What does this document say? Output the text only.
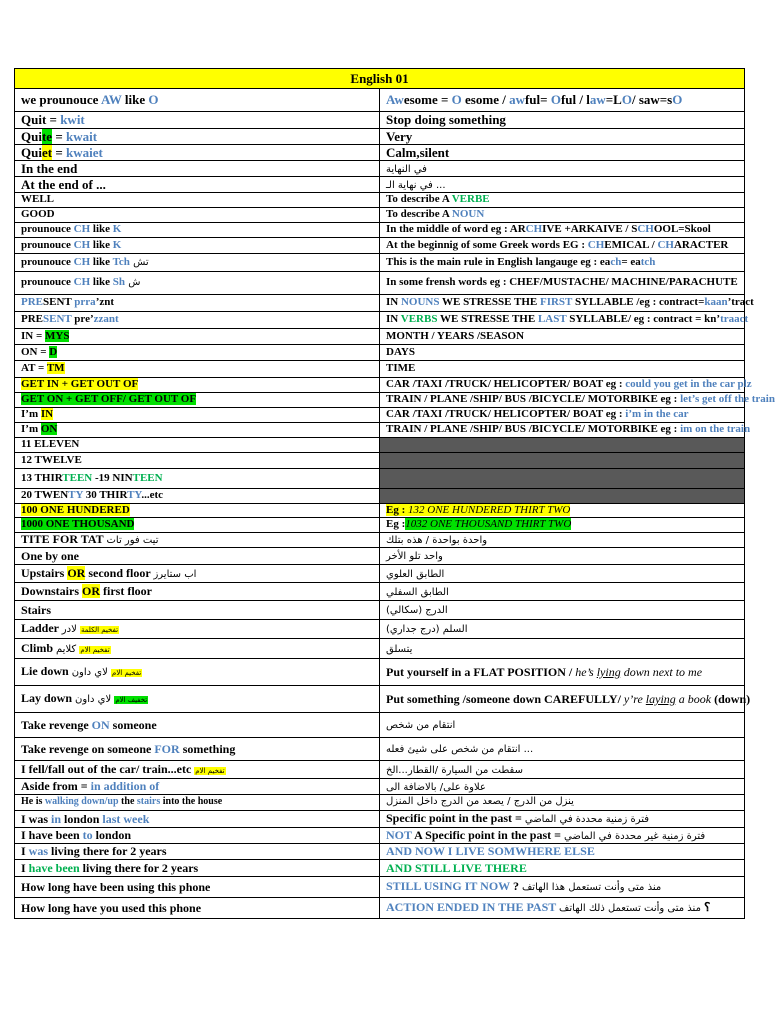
English 01	
we prounouce AW like O	Awesome = O esome / awful= Oful / law=LO/ saw=sO
Quit = kwit	Stop doing something
Quite = kwait	Very
Quiet = kwaiet	Calm,silent
In the end	في النهاية
At the end of ...	في نهاية الـ ...
WELL	To describe A VERBE
GOOD	To describe A NOUN
prounouce CH like K	In the middle of word eg : ARCHIVE +ARKAIVE / SCHOOL=Skool
prounouce CH like K	At the beginnig of some Greek words EG : CHEMICAL / CHARACTER
prounouce CH like Tch تش	This is the main rule in English langauge eg : each= eatch
prounouce CH like Sh ش	In some frensh words eg : CHEF/MUSTACHE/ MACHINE/PARACHUTE
PRESENT prra’znt	IN NOUNS WE STRESSE THE FIRST SYLLABLE /eg : contract=kaan’tract
PRESENT pre’zzant	IN VERBS WE STRESSE THE LAST SYLLABLE/ eg : contract = kn’traact
IN = MYS	MONTH / YEARS /SEASON
ON = D	DAYS
AT = TM	TIME
GET IN + GET OUT OF	CAR /TAXI /TRUCK/ HELICOPTER/ BOAT eg : could you get in the car plz
GET ON + GET OFF/ GET OUT OF	TRAIN / PLANE /SHIP/ BUS /BICYCLE/ MOTORBIKE eg : let’s get off the train
I’m IN	CAR /TAXI /TRUCK/ HELICOPTER/ BOAT eg : i’m in the car
I’m ON	TRAIN / PLANE /SHIP/ BUS /BICYCLE/ MOTORBIKE eg : im on the train
11 ELEVEN	
12 TWELVE	
13 THIRTEEN -19 NINTEEN	
20 TWENTY 30 THIRTY...etc	
100 ONE HUNDERED	Eg : 132 ONE HUNDERED THIRT TWO
1000 ONE THOUSAND	Eg :1032 ONE THOUSAND THIRT TWO
TITE FOR TAT تيت فور تات	واحدة بواحدة / هذه بتلك
One by one	واحد تلو الأخر
Upstairs OR second floor اب ستايرز	الطابق العلوي
Downstairs OR first floor	الطابق السفلي
Stairs	الدرج (سكالي)
Ladder تفخيم الكلمة لادر	السلم (درج جداري)
Climb تفخيم الام كلايم	يتسلق
Lie down تفخيم الام لاي داون	Put yourself in a FLAT POSITION / he’s lying down next to me
Lay down تخفيف الام لاي داون	Put something /someone down CAREFULLY/ y’re laying a book (down)
Take revenge ON someone	انتقام من شخص
Take revenge on someone FOR something	انتقام من شخص على شيئ فعله ...
I fell/fall out of the car/ train...etc تفخيم الام	سقطت من السيارة /القطار...الخ
Aside from = in addition of	علاوة على/ بالاضافة الى
He is walking down/up the stairs into the house	ينزل من الدرج / يصعد من الدرج داخل المنزل
I was in london last week	Specific point in the past = فترة زمنية محددة في الماضي
I have been to london	NOT A Specific point in the past = فترة زمنية غير محددة في الماضي
I was living there for 2 years	AND NOW I LIVE SOMWHERE ELSE
I have been living there for 2 years	AND STILL LIVE THERE
How long have been using this phone	STILL USING IT NOW ? منذ متى وأنت تستعمل هذا الهاتف
How long have you used this phone	ACTION ENDED IN THE PAST ؟ منذ متى وأنت تستعمل ذلك الهاتف
